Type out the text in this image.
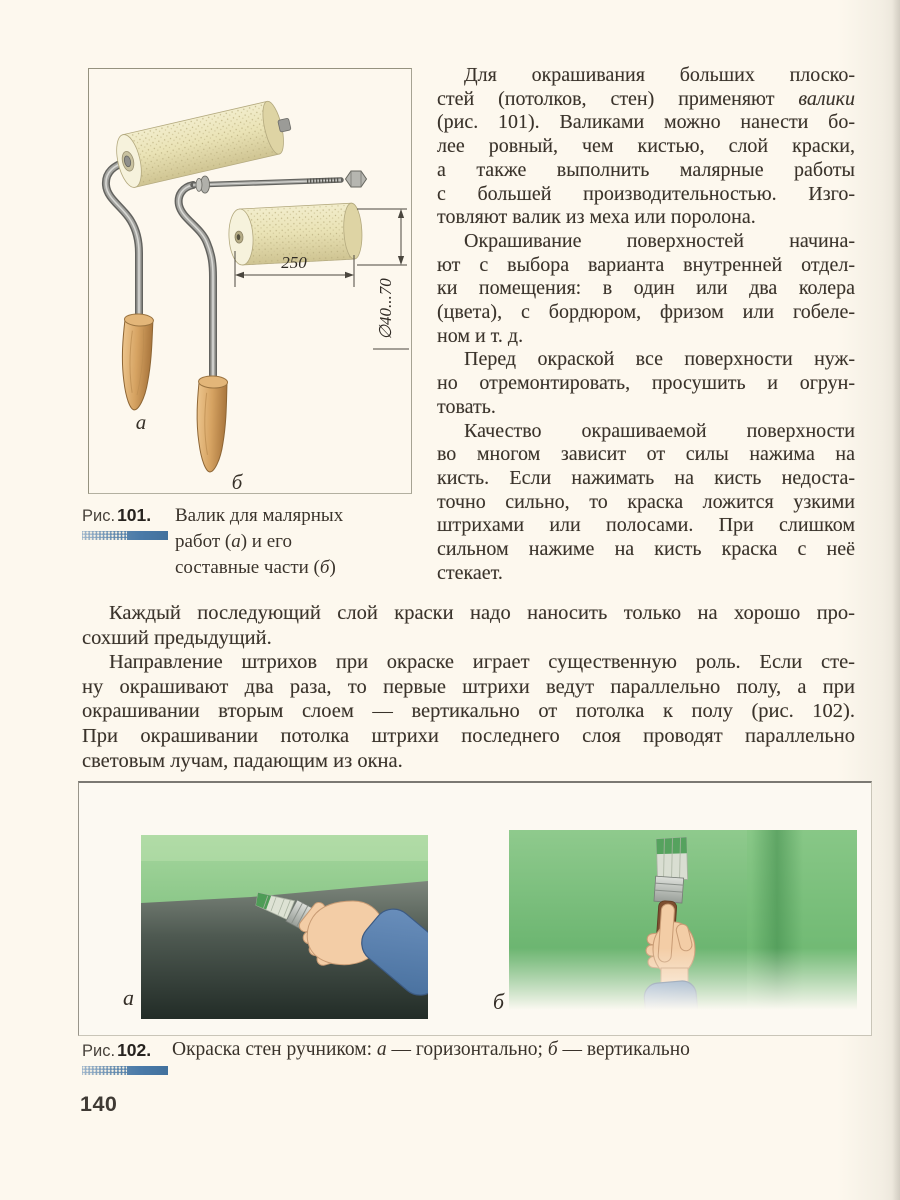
а
б
250
∅40...70
Для окрашивания больших плоско-
стей (потолков, стен) применяют валики
(рис. 101). Валиками можно нанести бо-
лее ровный, чем кистью, слой краски,
а также выполнить малярные работы
с большей производительностью. Изго-
товляют валик из меха или поролона.
Окрашивание поверхностей начина-
ют с выбора варианта внутренней отдел-
ки помещения: в один или два колера
(цвета), с бордюром, фризом или гобеле-
ном и т. д.
Перед окраской все поверхности нуж-
но отремонтировать, просушить и огрун-
товать.
Качество окрашиваемой поверхности
во многом зависит от силы нажима на
кисть. Если нажимать на кисть недоста-
точно сильно, то краска ложится узкими
штрихами или полосами. При слишком
сильном нажиме на кисть краска с неё
стекает.
Рис. 101.	Валик для малярных
работ (а) и его
составные части (б)
Каждый последующий слой краски надо наносить только на хорошо про-
сохший предыдущий.
Направление штрихов при окраске играет существенную роль. Если сте-
ну окрашивают два раза, то первые штрихи ведут параллельно полу, а при
окрашивании вторым слоем — вертикально от потолка к полу (рис. 102).
При окрашивании потолка штрихи последнего слоя проводят параллельно
световым лучам, падающим из окна.
а	б
Рис. 102.	Окраска стен ручником: а — горизонтально; б — вертикально
140
